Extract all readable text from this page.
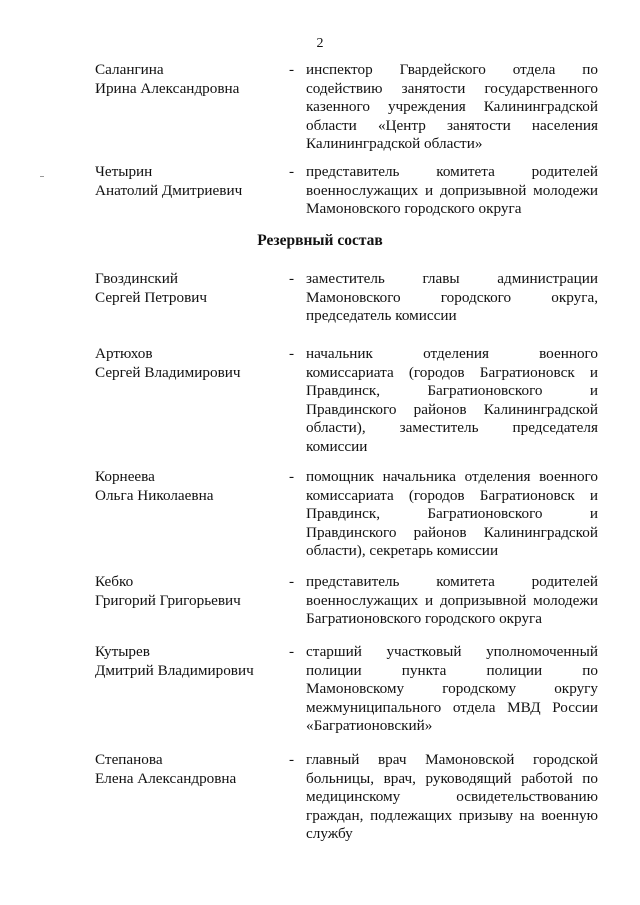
2
Салангина
Ирина Александровна
- инспектор Гвардейского отдела по
содействию занятости государственного
казенного учреждения Калининградской
области «Центр занятости населения
Калининградской области»
Четырин
Анатолий Дмитриевич
- представитель комитета родителей
военнослужащих и допризывной молодежи
Мамоновского городского округа
Резервный состав
Гвоздинский
Сергей Петрович
- заместитель главы администрации
Мамоновского городского округа,
председатель комиссии
Артюхов
Сергей Владимирович
- начальник отделения военного
комиссариата (городов Багратионовск и
Правдинск, Багратионовского и
Правдинского районов Калининградской
области), заместитель председателя
комиссии
Корнеева
Ольга Николаевна
- помощник начальника отделения военного
комиссариата (городов Багратионовск и
Правдинск, Багратионовского и
Правдинского районов Калининградской
области), секретарь комиссии
Кебко
Григорий Григорьевич
- представитель комитета родителей
военнослужащих и допризывной молодежи
Багратионовского городского округа
Кутырев
Дмитрий Владимирович
- старший участковый уполномоченный
полиции пункта полиции по
Мамоновскому городскому округу
межмуниципального отдела МВД России
«Багратионовский»
Степанова
Елена Александровна
- главный врач Мамоновской городской
больницы, врач, руководящий работой по
медицинскому освидетельствованию
граждан, подлежащих призыву на военную
службу
